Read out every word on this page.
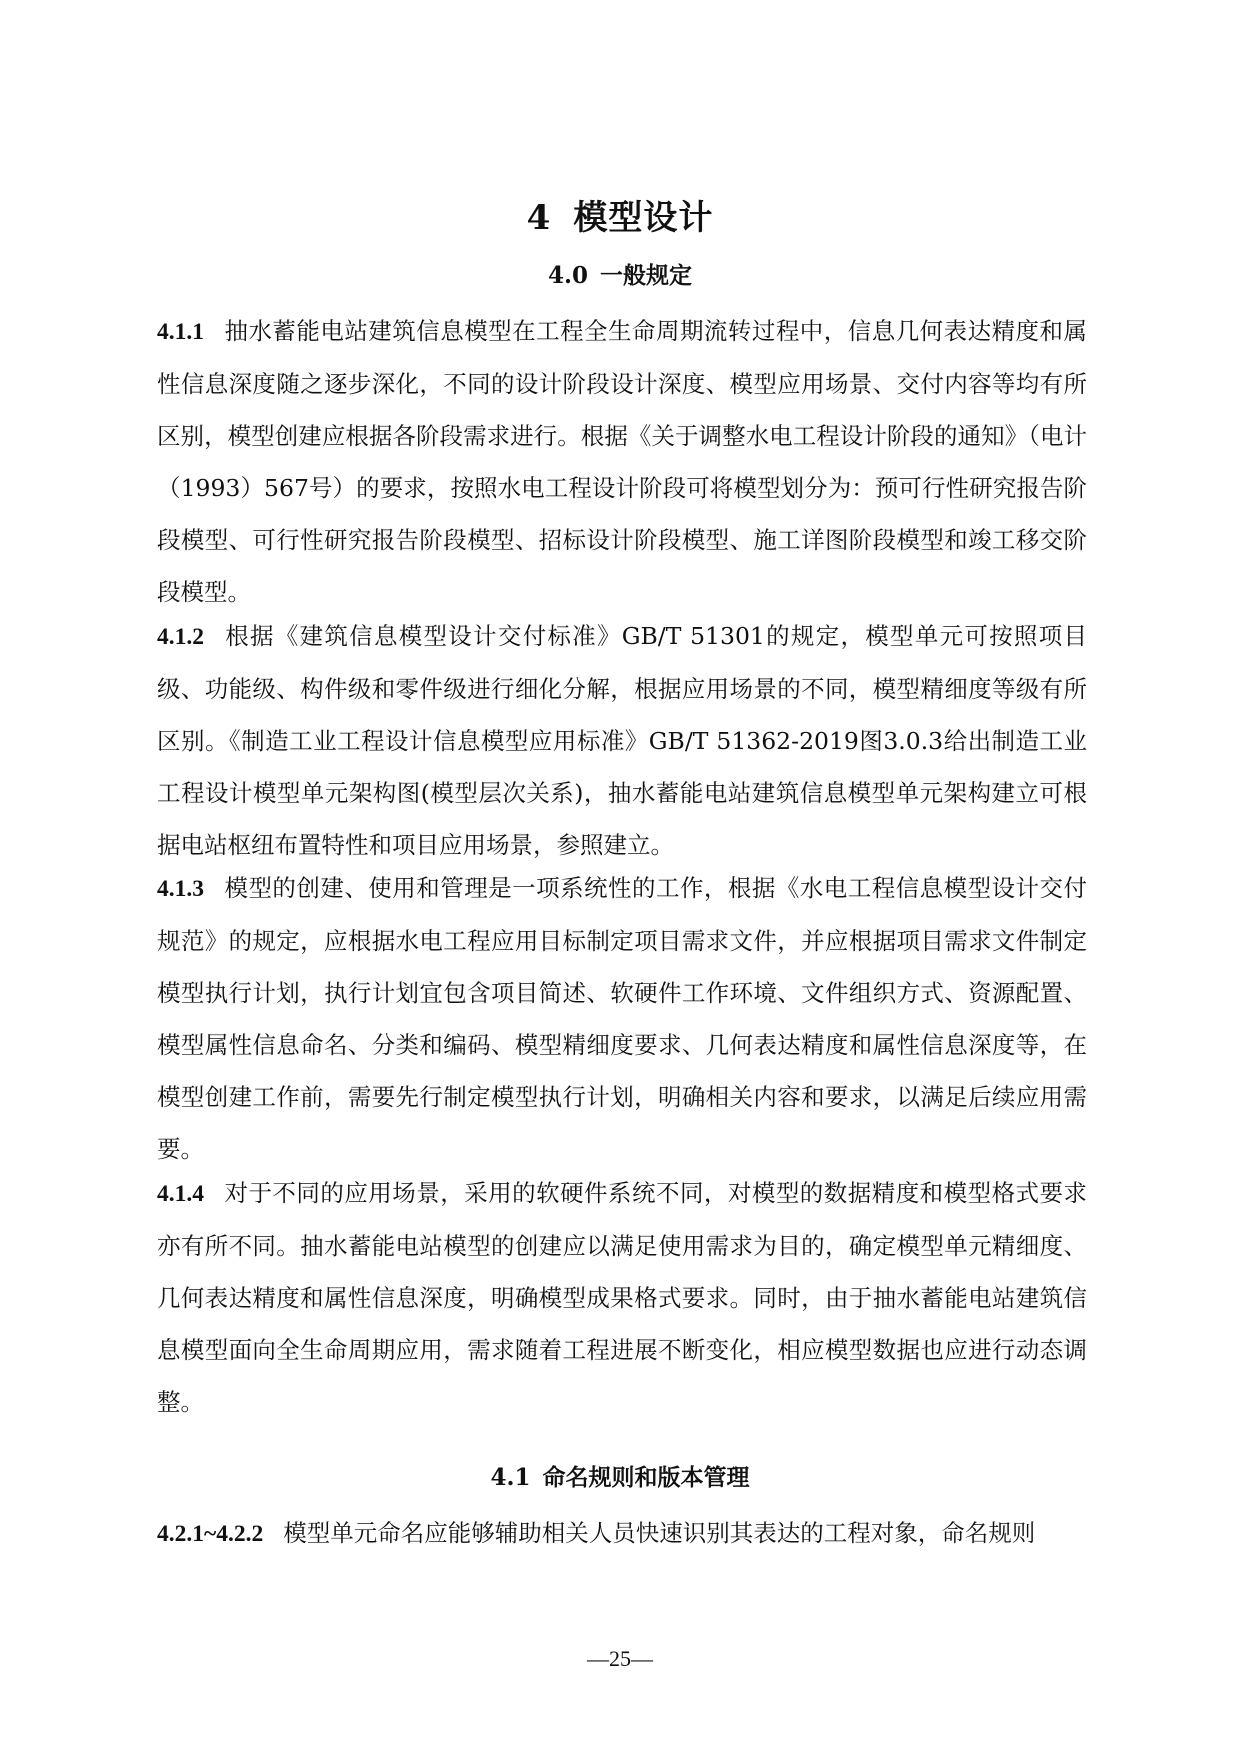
4 模型设计
4.0 一般规定
4.1.1 抽水蓄能电站建筑信息模型在工程全生命周期流转过程中，信息几何表达精度和属性信息深度随之逐步深化，不同的设计阶段设计深度、模型应用场景、交付内容等均有所区别，模型创建应根据各阶段需求进行。根据《关于调整水电工程设计阶段的通知》（电计（1993）567号）的要求，按照水电工程设计阶段可将模型划分为：预可行性研究报告阶段模型、可行性研究报告阶段模型、招标设计阶段模型、施工详图阶段模型和竣工移交阶段模型。
4.1.2 根据《建筑信息模型设计交付标准》GB/T 51301的规定，模型单元可按照项目级、功能级、构件级和零件级进行细化分解，根据应用场景的不同，模型精细度等级有所区别。《制造工业工程设计信息模型应用标准》GB/T 51362-2019图3.0.3给出制造工业工程设计模型单元架构图(模型层次关系)，抽水蓄能电站建筑信息模型单元架构建立可根据电站枢纽布置特性和项目应用场景，参照建立。
4.1.3 模型的创建、使用和管理是一项系统性的工作，根据《水电工程信息模型设计交付规范》的规定，应根据水电工程应用目标制定项目需求文件，并应根据项目需求文件制定模型执行计划，执行计划宜包含项目简述、软硬件工作环境、文件组织方式、资源配置、模型属性信息命名、分类和编码、模型精细度要求、几何表达精度和属性信息深度等，在模型创建工作前，需要先行制定模型执行计划，明确相关内容和要求，以满足后续应用需要。
4.1.4 对于不同的应用场景，采用的软硬件系统不同，对模型的数据精度和模型格式要求亦有所不同。抽水蓄能电站模型的创建应以满足使用需求为目的，确定模型单元精细度、几何表达精度和属性信息深度，明确模型成果格式要求。同时，由于抽水蓄能电站建筑信息模型面向全生命周期应用，需求随着工程进展不断变化，相应模型数据也应进行动态调整。
4.1 命名规则和版本管理
4.2.1~4.2.2 模型单元命名应能够辅助相关人员快速识别其表达的工程对象，命名规则
—25—
